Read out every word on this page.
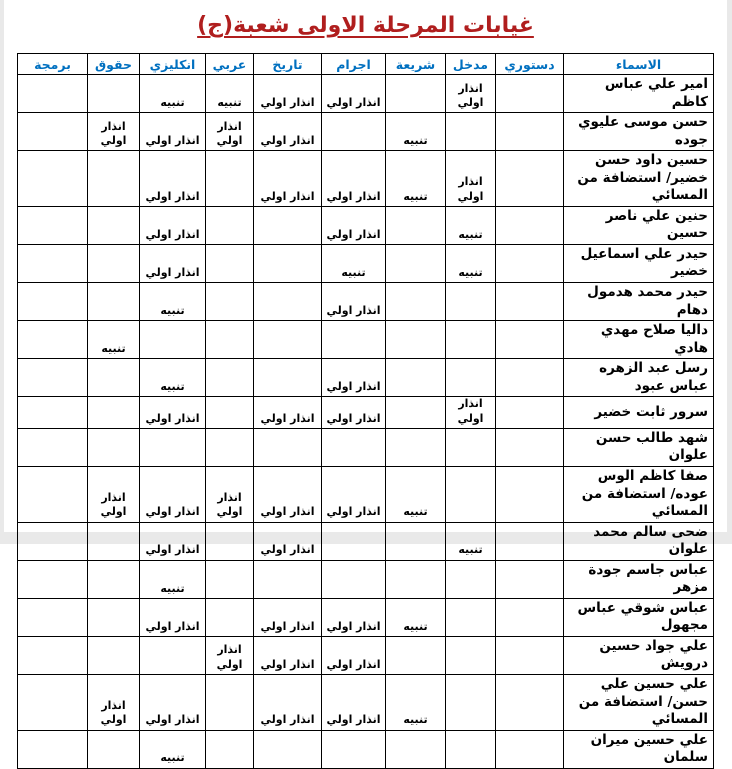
غيابات المرحلة الاولى شعبة(ج)
الاسماء	دستوري	مدخل	شريعة	اجرام	تاريخ	عربي	انكليزي	حقوق	برمجة
امير علي عباس كاظم		انذار اولي		انذار اولي	انذار اولي	تنبيه	تنبيه		
حسن موسى عليوي جوده			تنبيه		انذار اولي	انذار اولي	انذار اولي	انذار اولي	
حسين داود حسن خضير/ استضافة من المسائي		انذار اولي	تنبيه	انذار اولي	انذار اولي		انذار اولي		
حنين علي ناصر حسين		تنبيه		انذار اولي			انذار اولي		
حيدر علي اسماعيل خضير		تنبيه		تنبيه			انذار اولي		
حيدر محمد هدمول دهام				انذار اولي			تنبيه		
داليا صلاح مهدي هادي								تنبيه	
رسل عبد الزهره عباس عبود				انذار اولي			تنبيه		
سرور ثابت خضير		انذار اولي		انذار اولي	انذار اولي		انذار اولي		
شهد طالب حسن علوان									
صفا كاظم الوس عوده/ استضافة من المسائي			تنبيه	انذار اولي	انذار اولي	انذار اولي	انذار اولي	انذار اولي	
ضحى سالم محمد علوان		تنبيه			انذار اولي		انذار اولي		
عباس جاسم جودة مزهر							تنبيه		
عباس شوقي عباس مجهول			تنبيه	انذار اولي	انذار اولي		انذار اولي		
علي جواد حسين درويش				انذار اولي	انذار اولي	انذار اولي			
علي حسين علي حسن/ استضافة من المسائي			تنبيه	انذار اولي	انذار اولي		انذار اولي	انذار اولي	
علي حسين ميران سلمان							تنبيه		
